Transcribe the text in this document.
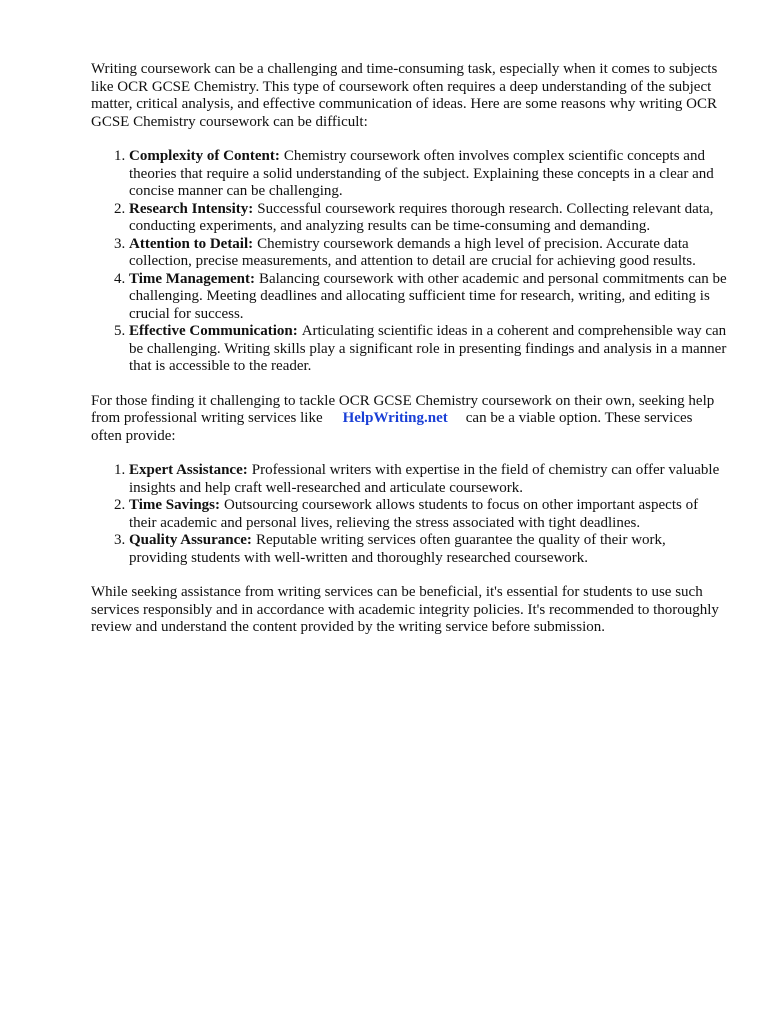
Writing coursework can be a challenging and time-consuming task, especially when it comes to subjects like OCR GCSE Chemistry. This type of coursework often requires a deep understanding of the subject matter, critical analysis, and effective communication of ideas. Here are some reasons why writing OCR GCSE Chemistry coursework can be difficult:

1. Complexity of Content: Chemistry coursework often involves complex scientific concepts and theories that require a solid understanding of the subject. Explaining these concepts in a clear and concise manner can be challenging.
2. Research Intensity: Successful coursework requires thorough research. Collecting relevant data, conducting experiments, and analyzing results can be time-consuming and demanding.
3. Attention to Detail: Chemistry coursework demands a high level of precision. Accurate data collection, precise measurements, and attention to detail are crucial for achieving good results.
4. Time Management: Balancing coursework with other academic and personal commitments can be challenging. Meeting deadlines and allocating sufficient time for research, writing, and editing is crucial for success.
5. Effective Communication: Articulating scientific ideas in a coherent and comprehensible way can be challenging. Writing skills play a significant role in presenting findings and analysis in a manner that is accessible to the reader.

For those finding it challenging to tackle OCR GCSE Chemistry coursework on their own, seeking help from professional writing services like HelpWriting.net can be a viable option. These services often provide:

1. Expert Assistance: Professional writers with expertise in the field of chemistry can offer valuable insights and help craft well-researched and articulate coursework.
2. Time Savings: Outsourcing coursework allows students to focus on other important aspects of their academic and personal lives, relieving the stress associated with tight deadlines.
3. Quality Assurance: Reputable writing services often guarantee the quality of their work, providing students with well-written and thoroughly researched coursework.

While seeking assistance from writing services can be beneficial, it's essential for students to use such services responsibly and in accordance with academic integrity policies. It's recommended to thoroughly review and understand the content provided by the writing service before submission.
